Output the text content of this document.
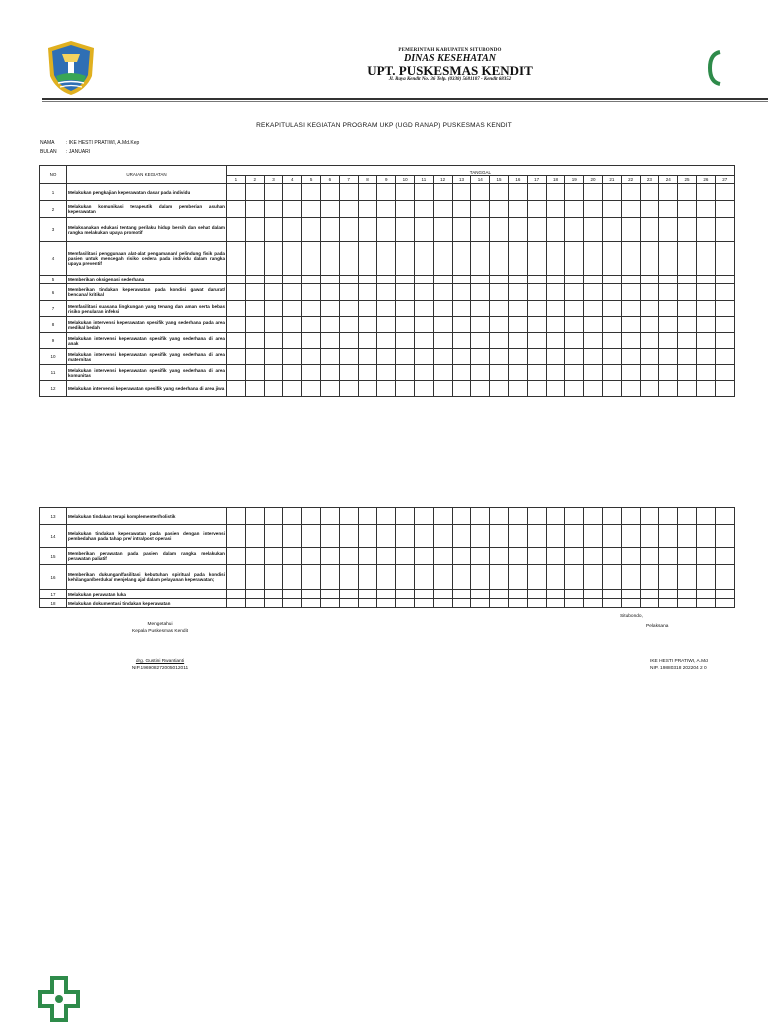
PEMERINTAH KABUPATEN SITUBONDO
DINAS KESEHATAN
UPT. PUSKESMAS KENDIT
Jl. Raya Kendit No. 36 Telp. (0338) 5681107 - Kendit 68352
REKAPITULASI KEGIATAN PROGRAM UKP (UGD RANAP) PUSKESMAS KENDIT
NAMA : IKE HESTI PRATIWI, A.Md.Kep
BULAN : JANUARI
NO	URAIAN KEGIATAN	TANGGAL																										
		1	2	3	4	5	6	7	8	9	10	11	12	13	14	15	16	17	18	19	20	21	22	23	24	25	26	27
1	Melakukan pengkajian keperawatan dasar pada individu																											
2	Melakukan komunikasi terapeutik dalam pemberian asuhan keperawatan																											
3	Melaksanakan edukasi tentang perilaku hidup bersih dan sehat dalam rangka melakukan upaya promotif																											
4	Memfasilitasi penggunaan alat-alat pengamanan/ pelindung fisik pada pasien untuk mencegah risiko cedera pada individu dalam rangka upaya preventif																											
5	Memberikan oksigenasi sederhana																											
6	Memberikan tindakan keperawatan pada kondisi gawat darurat/ bencana/ kritikal																											
7	Memfasilitasi suasana lingkungan yang tenang dan aman serta bebas risiko penularan infeksi																											
8	Melakukan intervensi keperawatan spesifik yang sederhana pada area medikal bedah																											
9	Melakukan intervensi keperawatan spesifik yang sederhana di area anak																											
10	Melakukan intervensi keperawatan spesifik yang sederhana di area maternitas																											
11	Melakukan intervensi keperawatan spesifik yang sederhana di area komunitas																											
12	Melakukan intervensi keperawatan spesifik yang sederhana di area jiwa																											
13	Melakukan tindakan terapi komplementer/holistik																											
14	Melakukan tindakan keperawatan pada pasien dengan intervensi pembedahan pada tahap pre/ intra/post operasi																											
15	Memberikan perawatan pada pasien dalam rangka melakukan perawatan paliatif																											
16	Memberikan dukungan/fasilitasi kebutuhan spiritual pada kondisi kehilangan/berduka/ menjelang ajal dalam pelayanan keperawatan;																											
17	Melakukan perawatan luka																											
18	Melakukan dokumentasi tindakan keperawatan																											
Mengetahui
Kepala Puskesmas Kendit
drg. Gustini Rwantianti
NIP.196908272005012011
Situbondo,
Pelaksana
IKE HESTI PRATIWI, A.Md
NIP. 19880318 202204 2 0
